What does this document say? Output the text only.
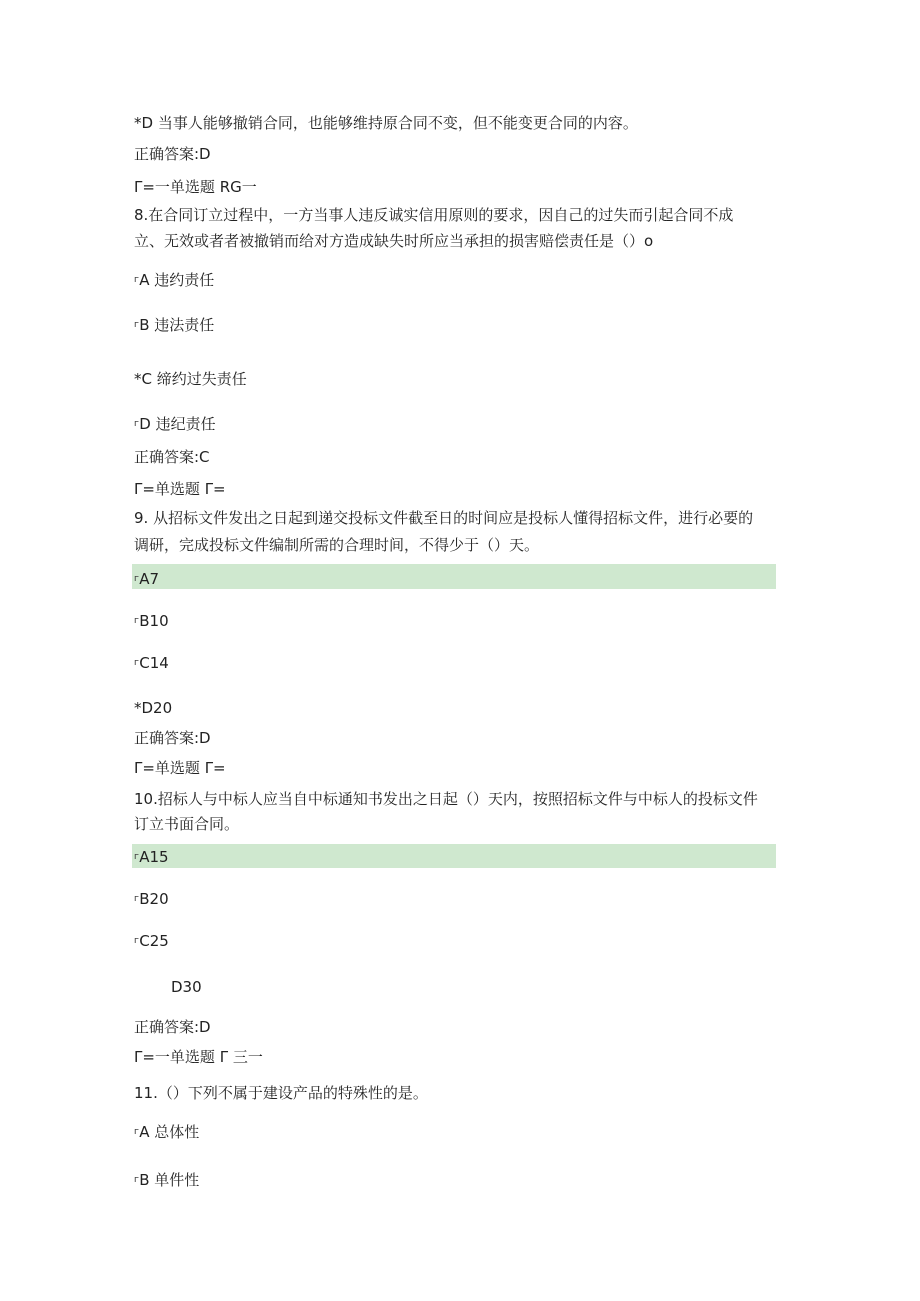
*D 当事人能够撤销合同，也能够维持原合同不变，但不能变更合同的内容。
正确答案:D
Γ=一单选题 RG一
8.在合同订立过程中，一方当事人违反诚实信用原则的要求，因自己的过失而引起合同不成
立、无效或者者被撤销而给对方造成缺失时所应当承担的损害赔偿责任是（）o
$^ᴦ$A 违约责任
$^ᴦ$B 违法责任
*C 缔约过失责任
$^ᴦ$D 违纪责任
正确答案:C
Γ=单选题 Γ=
9. 从招标文件发出之日起到递交投标文件截至日的时间应是投标人懂得招标文件，进行必要的
调研，完成投标文件编制所需的合理时间，不得少于（）天。
$^ᴦ$A7
$^ᴦ$B10
$^ᴦ$C14
*D20
正确答案:D
Γ=单选题 Γ=
10.招标人与中标人应当自中标通知书发出之日起（）天内，按照招标文件与中标人的投标文件
订立书面合同。
$^ᴦ$A15
$^ᴦ$B20
$^ᴦ$C25
D30
正确答案:D
Γ=一单选题 Γ 三一
11.（）下列不属于建设产品的特殊性的是。
$^ᴦ$A 总体性
$^ᴦ$B 单件性
